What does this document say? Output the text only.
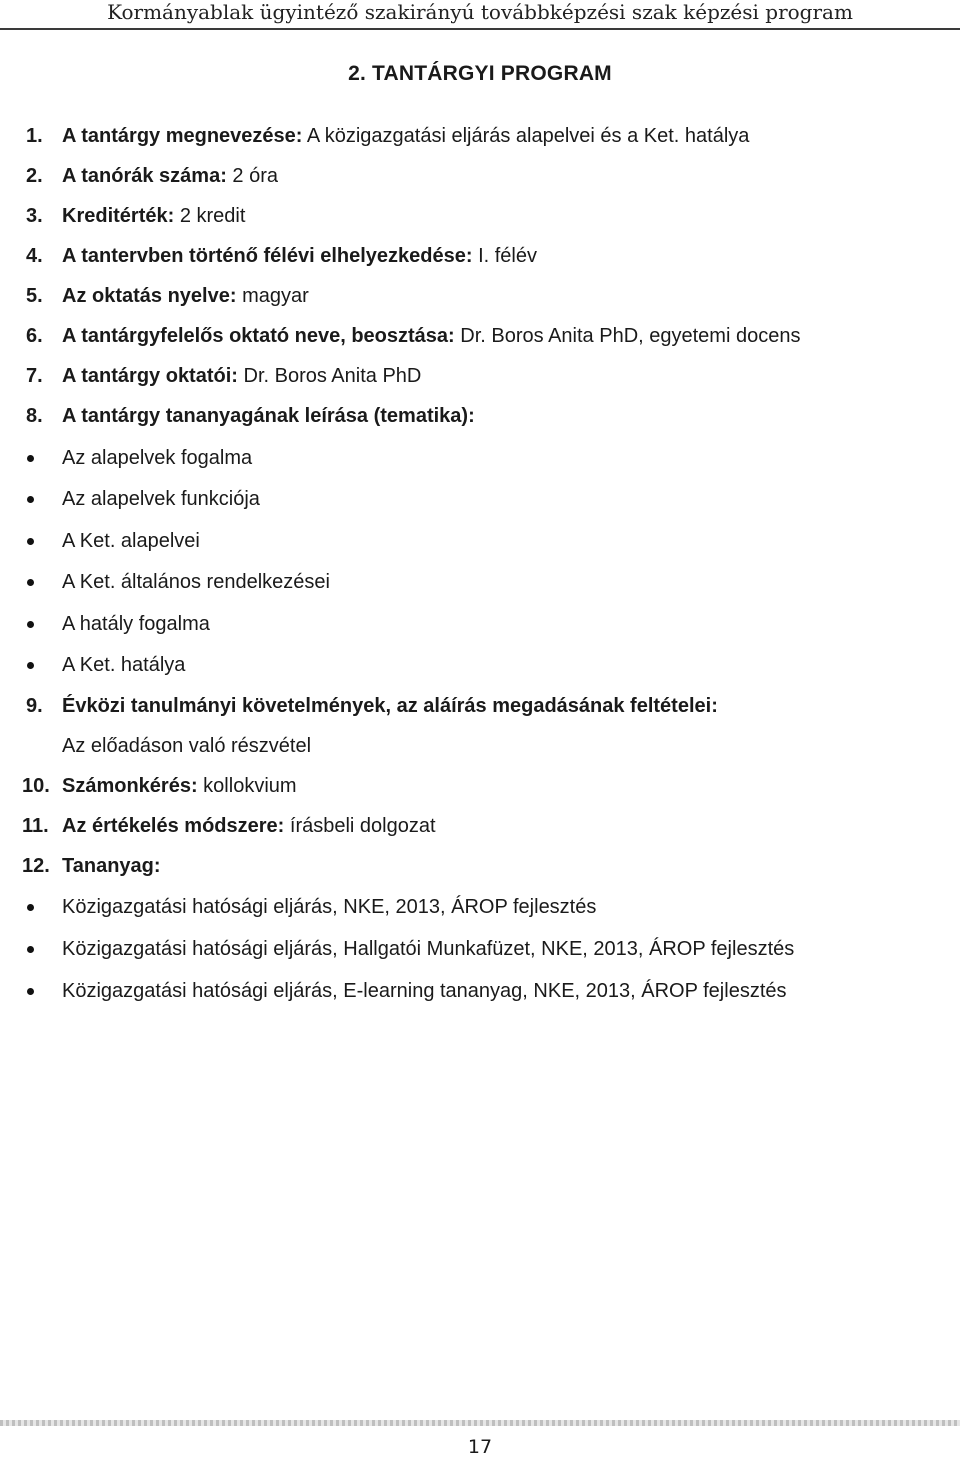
Kormányablak ügyintéző szakirányú továbbképzési szak képzési program
2. TANTÁRGYI PROGRAM
1. A tantárgy megnevezése: A közigazgatási eljárás alapelvei és a Ket. hatálya
2. A tanórák száma: 2 óra
3. Kreditérték: 2 kredit
4. A tantervben történő félévi elhelyezkedése: I. félév
5. Az oktatás nyelve: magyar
6. A tantárgyfelelős oktató neve, beosztása: Dr. Boros Anita PhD, egyetemi docens
7. A tantárgy oktatói: Dr. Boros Anita PhD
8. A tantárgy tananyagának leírása (tematika):
Az alapelvek fogalma
Az alapelvek funkciója
A Ket. alapelvei
A Ket. általános rendelkezései
A hatály fogalma
A Ket. hatálya
9. Évközi tanulmányi követelmények, az aláírás megadásának feltételei:
Az előadáson való részvétel
10. Számonkérés: kollokvium
11. Az értékelés módszere: írásbeli dolgozat
12. Tananyag:
Közigazgatási hatósági eljárás, NKE, 2013, ÁROP fejlesztés
Közigazgatási hatósági eljárás, Hallgatói Munkafüzet, NKE, 2013, ÁROP fejlesztés
Közigazgatási hatósági eljárás, E-learning tananyag, NKE, 2013, ÁROP fejlesztés
17
